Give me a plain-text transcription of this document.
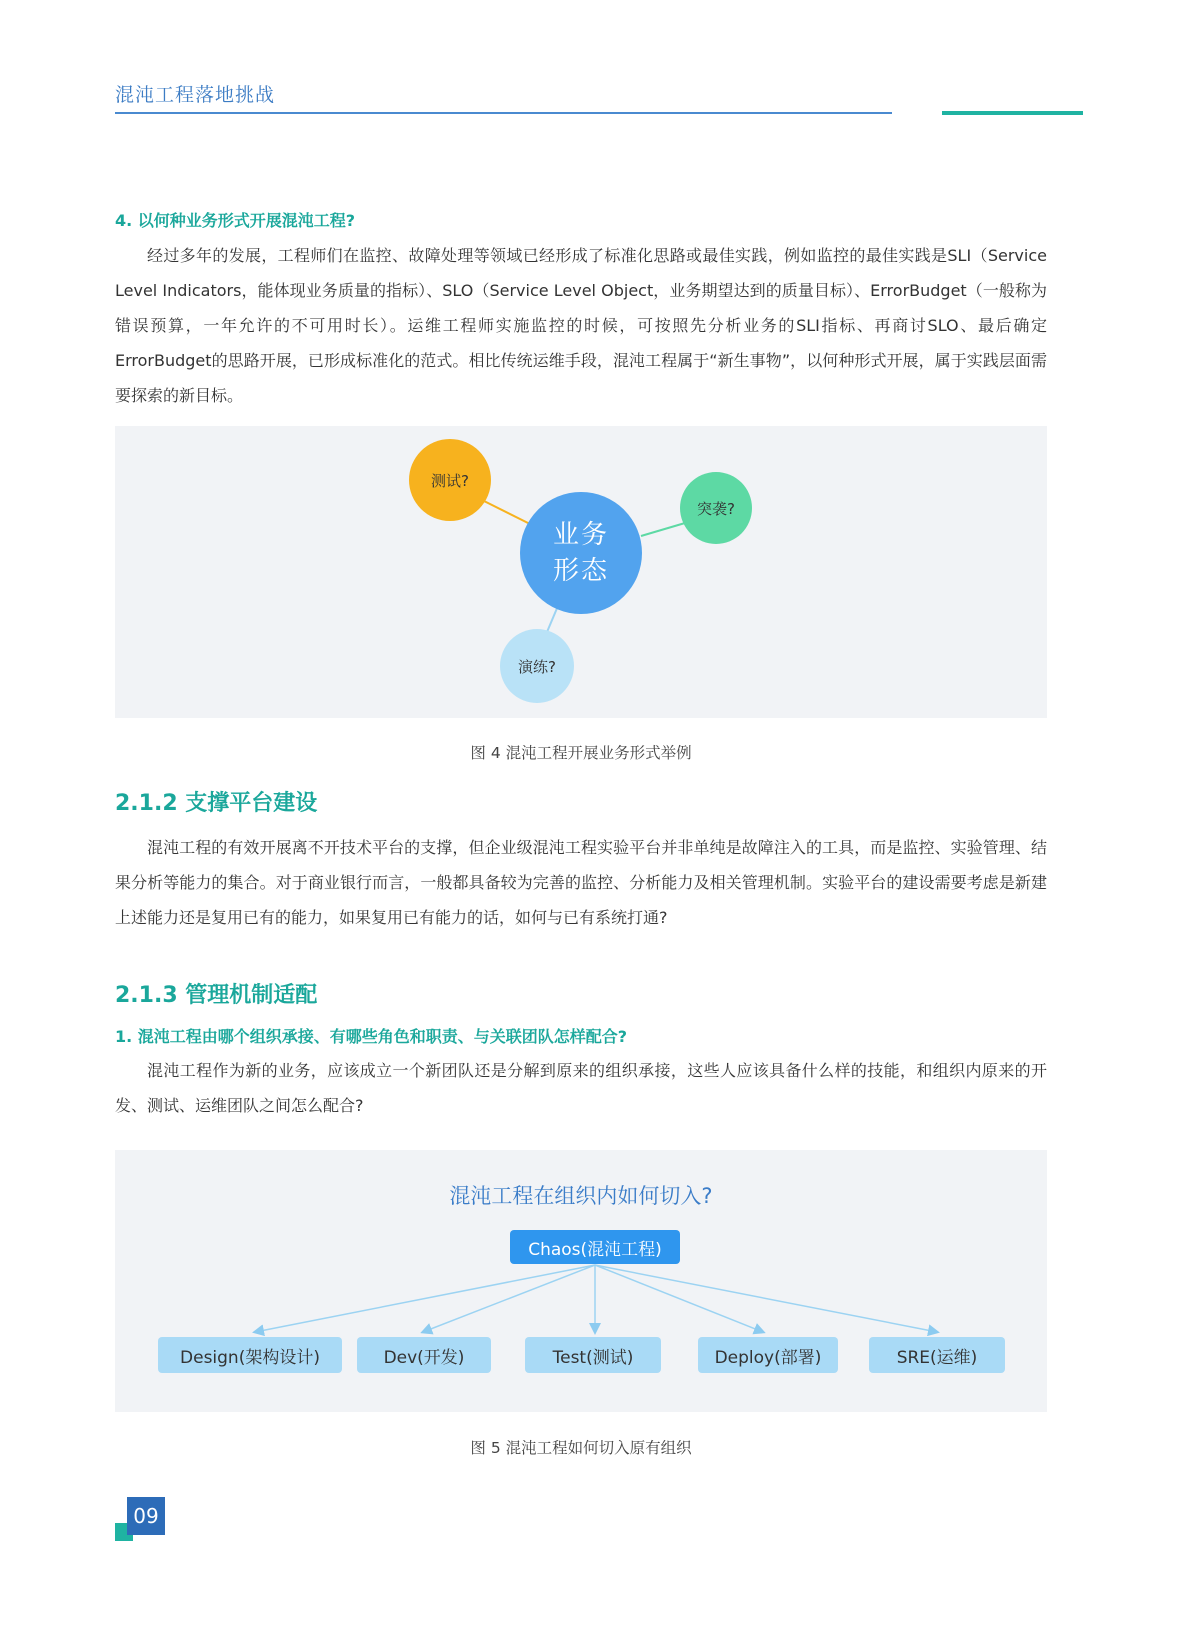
混沌工程落地挑战
4. 以何种业务形式开展混沌工程?

经过多年的发展，工程师们在监控、故障处理等领域已经形成了标准化思路或最佳实践，例如监控的最佳实践是SLI（Service Level Indicators，能体现业务质量的指标）、SLO（Service Level Object，业务期望达到的质量目标）、ErrorBudget（一般称为错误预算，一年允许的不可用时长）。运维工程师实施监控的时候，可按照先分析业务的SLI指标、再商讨SLO、最后确定ErrorBudget的思路开展，已形成标准化的范式。相比传统运维手段，混沌工程属于“新生事物”，以何种形式开展，属于实践层面需要探索的新目标。

测试?
突袭?
演练?
业务
形态
图 4 混沌工程开展业务形式举例
2.1.2 支撑平台建设

混沌工程的有效开展离不开技术平台的支撑，但企业级混沌工程实验平台并非单纯是故障注入的工具，而是监控、实验管理、结果分析等能力的集合。对于商业银行而言，一般都具备较为完善的监控、分析能力及相关管理机制。实验平台的建设需要考虑是新建上述能力还是复用已有的能力，如果复用已有能力的话，如何与已有系统打通?

2.1.3 管理机制适配
1. 混沌工程由哪个组织承接、有哪些角色和职责、与关联团队怎样配合?

混沌工程作为新的业务，应该成立一个新团队还是分解到原来的组织承接，这些人应该具备什么样的技能，和组织内原来的开发、测试、运维团队之间怎么配合?

混沌工程在组织内如何切入?
Chaos(混沌工程)
Design(架构设计)	Dev(开发)	Test(测试)	Deploy(部署)	SRE(运维)
图 5 混沌工程如何切入原有组织
09
